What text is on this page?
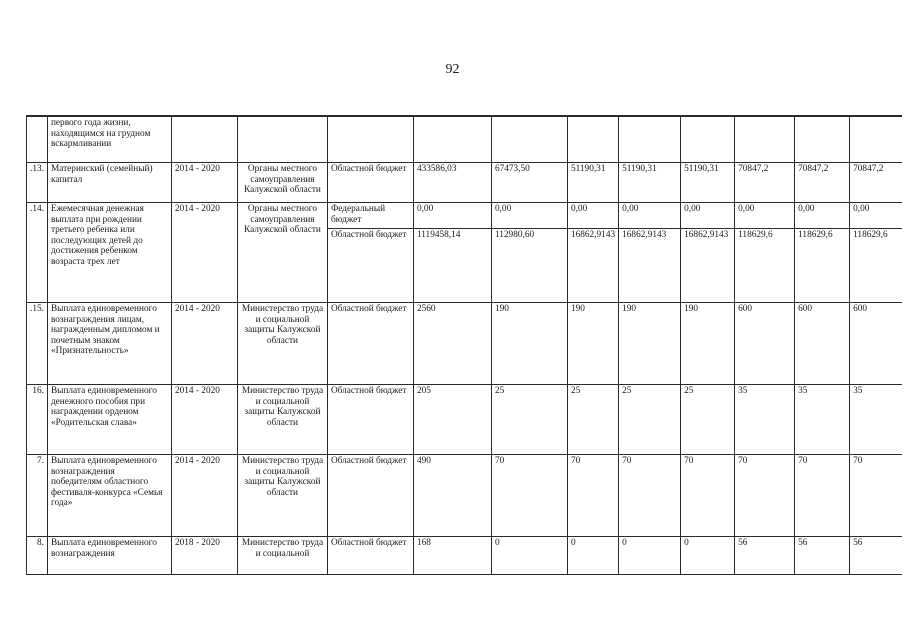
92
	первого года жизни, находящимся на грудном вскармливании											
.13.	Материнский (семейный) капитал	2014 - 2020	Органы местного самоуправления Калужской области	Областной бюджет	433586,03	67473,50	51190,31	51190,31	51190,31	70847,2	70847,2	70847,2
.14.	Ежемесячная денежная выплата при рождении третьего ребенка или последующих детей до достижения ребенком возраста трех лет	2014 - 2020	Органы местного самоуправления Калужской области	Федеральный бюджет	0,00	0,00	0,00	0,00	0,00	0,00	0,00	0,00
				Областной бюджет	1119458,14	112980,60	16862,9143	16862,9143	16862,9143	118629,6	118629,6	118629,6
.15.	Выплата единовременного вознаграждения лицам, награжденным дипломом и почетным знаком «Признательность»	2014 - 2020	Министерство труда и социальной защиты Калужской области	Областной бюджет	2560	190	190	190	190	600	600	600
16.	Выплата единовременного денежного пособия при награждении орденом «Родительская слава»	2014 - 2020	Министерство труда и социальной защиты Калужской области	Областной бюджет	205	25	25	25	25	35	35	35
7.	Выплата единовременного вознаграждения победителям областного фестиваля-конкурса «Семья года»	2014 - 2020	Министерство труда и социальной защиты Калужской области	Областной бюджет	490	70	70	70	70	70	70	70
8.	Выплата единовременного вознаграждения	2018 - 2020	Министерство труда и социальной	Областной бюджет	168	0	0	0	0	56	56	56
